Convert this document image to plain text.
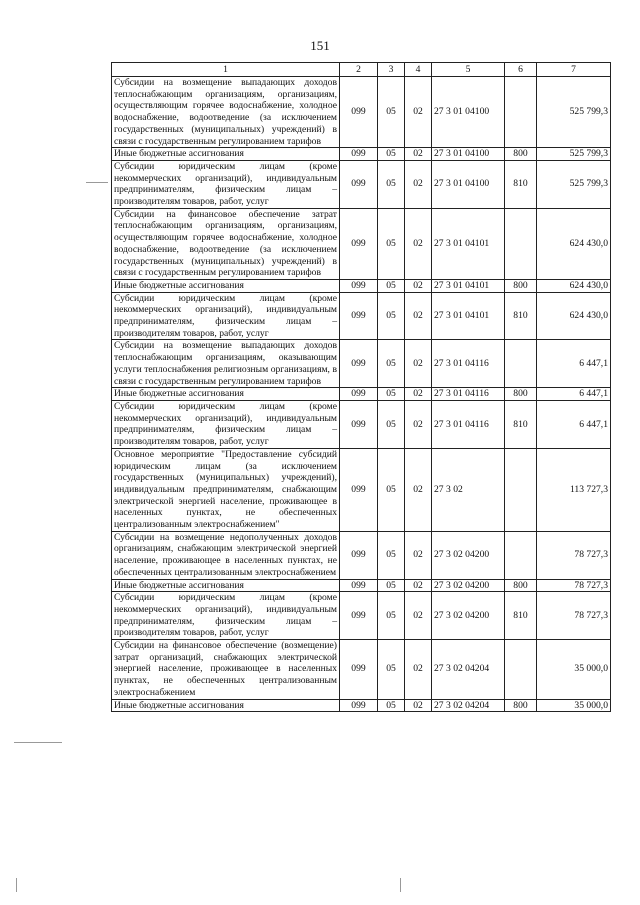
151
1	2	3	4	5	6	7
Субсидии на возмещение выпадающих доходов теплоснабжающим организациям, организациям, осуществляющим горячее водоснабжение, холодное водоснабжение, водоотведение (за исключением государственных (муниципальных) учреждений) в связи с государственным регулированием тарифов	099	05	02	27 3 01 04100		525 799,3
Иные бюджетные ассигнования	099	05	02	27 3 01 04100	800	525 799,3
Субсидии юридическим лицам (кроме некоммерческих организаций), индивидуальным предпринимателям, физическим лицам – производителям товаров, работ, услуг	099	05	02	27 3 01 04100	810	525 799,3
Субсидии на финансовое обеспечение затрат теплоснабжающим организациям, организациям, осуществляющим горячее водоснабжение, холодное водоснабжение, водоотведение (за исключением государственных (муниципальных) учреждений) в связи с государственным регулированием тарифов	099	05	02	27 3 01 04101		624 430,0
Иные бюджетные ассигнования	099	05	02	27 3 01 04101	800	624 430,0
Субсидии юридическим лицам (кроме некоммерческих организаций), индивидуальным предпринимателям, физическим лицам – производителям товаров, работ, услуг	099	05	02	27 3 01 04101	810	624 430,0
Субсидии на возмещение выпадающих доходов теплоснабжающим организациям, оказывающим услуги теплоснабжения религиозным организациям, в связи с государственным регулированием тарифов	099	05	02	27 3 01 04116		6 447,1
Иные бюджетные ассигнования	099	05	02	27 3 01 04116	800	6 447,1
Субсидии юридическим лицам (кроме некоммерческих организаций), индивидуальным предпринимателям, физическим лицам – производителям товаров, работ, услуг	099	05	02	27 3 01 04116	810	6 447,1
Основное мероприятие "Предоставление субсидий юридическим лицам (за исключением государственных (муниципальных) учреждений), индивидуальным предпринимателям, снабжающим электрической энергией население, проживающее в населенных пунктах, не обеспеченных централизованным электроснабжением"	099	05	02	27 3 02		113 727,3
Субсидии на возмещение недополученных доходов организациям, снабжающим электрической энергией население, проживающее в населенных пунктах, не обеспеченных централизованным электроснабжением	099	05	02	27 3 02 04200		78 727,3
Иные бюджетные ассигнования	099	05	02	27 3 02 04200	800	78 727,3
Субсидии юридическим лицам (кроме некоммерческих организаций), индивидуальным предпринимателям, физическим лицам – производителям товаров, работ, услуг	099	05	02	27 3 02 04200	810	78 727,3
Субсидии на финансовое обеспечение (возмещение) затрат организаций, снабжающих электрической энергией население, проживающее в населенных пунктах, не обеспеченных централизованным электроснабжением	099	05	02	27 3 02 04204		35 000,0
Иные бюджетные ассигнования	099	05	02	27 3 02 04204	800	35 000,0
